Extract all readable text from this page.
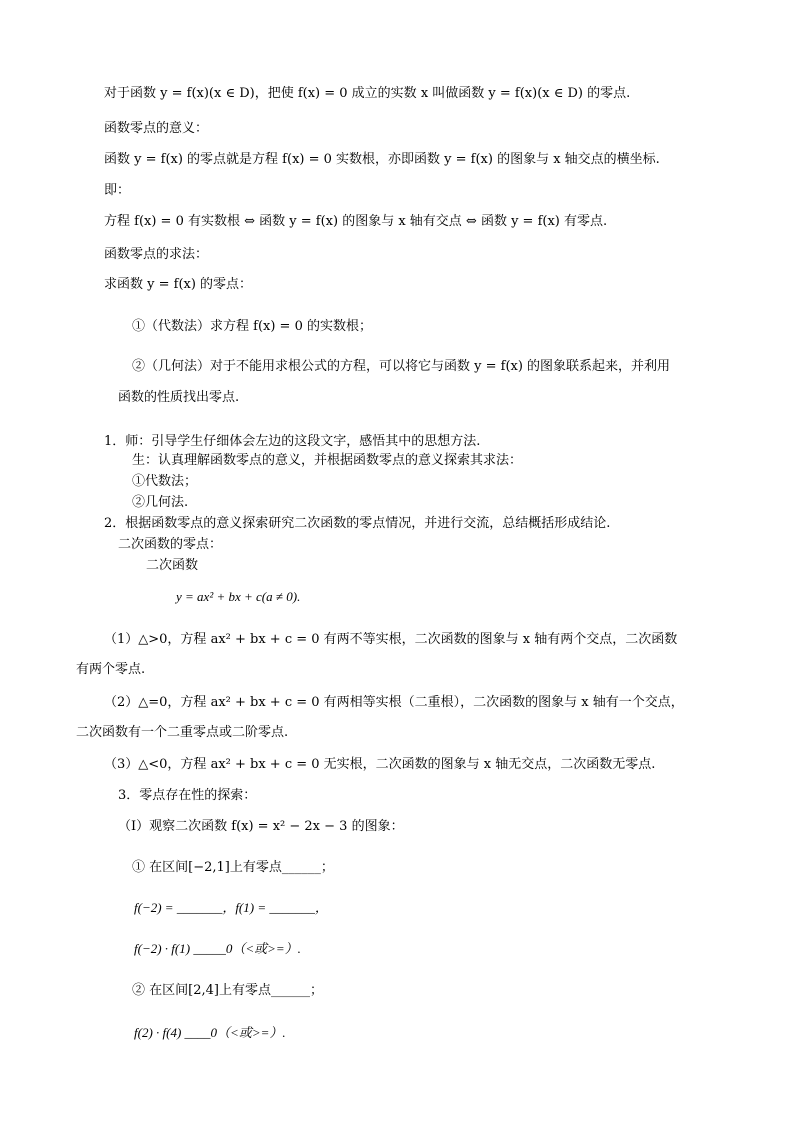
对于函数 y = f(x)(x ∈ D)，把使 f(x) = 0 成立的实数 x 叫做函数 y = f(x)(x ∈ D) 的零点.
函数零点的意义：
函数 y = f(x) 的零点就是方程 f(x) = 0 实数根，亦即函数 y = f(x) 的图象与 x 轴交点的横坐标.
即：
方程 f(x) = 0 有实数根 ⇔ 函数 y = f(x) 的图象与 x 轴有交点 ⇔ 函数 y = f(x) 有零点.
函数零点的求法：
求函数 y = f(x) 的零点：
①（代数法）求方程 f(x) = 0 的实数根；
②（几何法）对于不能用求根公式的方程，可以将它与函数 y = f(x) 的图象联系起来，并利用
函数的性质找出零点.
1．师：引导学生仔细体会左边的这段文字，感悟其中的思想方法.
生：认真理解函数零点的意义，并根据函数零点的意义探索其求法：
①代数法；
②几何法.
2．根据函数零点的意义探索研究二次函数的零点情况，并进行交流，总结概括形成结论.
二次函数的零点：
二次函数
y = ax² + bx + c(a ≠ 0).
（1）△>0，方程 ax² + bx + c = 0 有两不等实根，二次函数的图象与 x 轴有两个交点，二次函数
有两个零点.
（2）△=0，方程 ax² + bx + c = 0 有两相等实根（二重根），二次函数的图象与 x 轴有一个交点，
二次函数有一个二重零点或二阶零点.
（3）△<0，方程 ax² + bx + c = 0 无实根，二次函数的图象与 x 轴无交点，二次函数无零点.
3．零点存在性的探索：
（Ⅰ）观察二次函数 f(x) = x² − 2x − 3 的图象：
① 在区间[−2,1]上有零点______；
f(−2) = _______，f(1) = _______，
f(−2) · f(1) _____0（<或>=）.
② 在区间[2,4]上有零点______；
f(2) · f(4) ____0（<或>=）.
